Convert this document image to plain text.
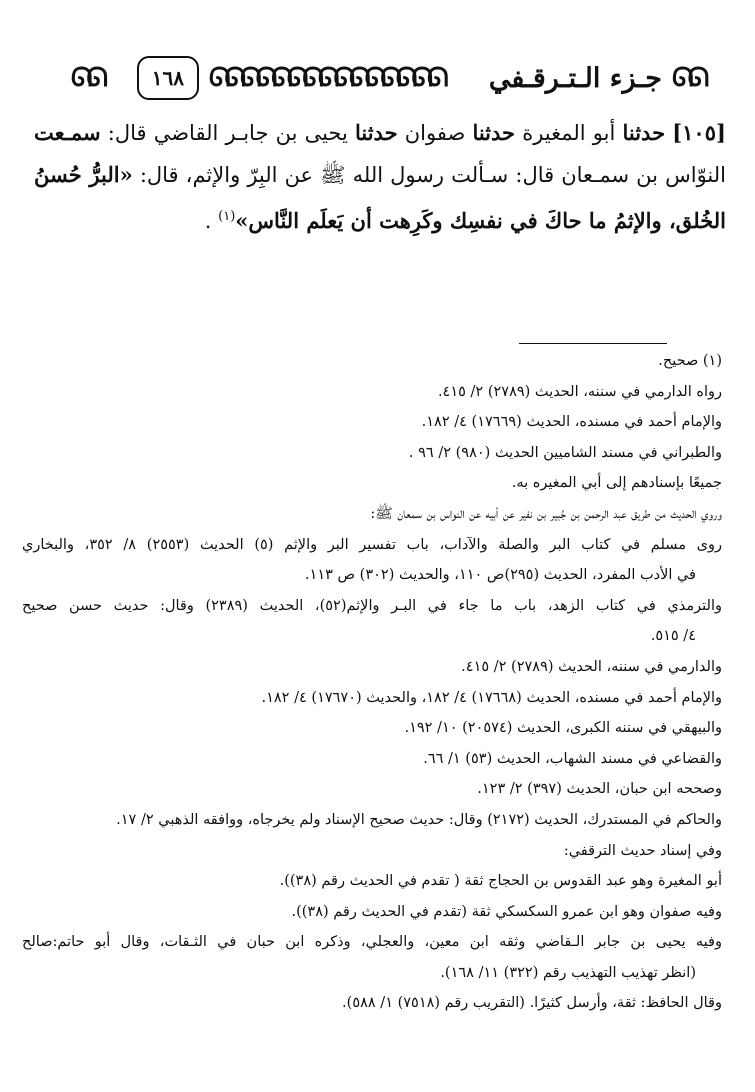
ᘏᘏ
جـزء الـتـرقـفي
ᘏᘏᘏᘏᘏᘏᘏᘏᘏᘏᘏᘏᘏᘏᘏ
١٦٨
ᘏᘏ
[١٠٥] حدثنا أبو المغيرة حدثنا صفوان حدثنا يحيى بن جابـر القاضي قال: سمـعت النوّاس بن سمـعان قال: سـألت رسول الله ﷺ عن البِرّ والإثم، قال: «البرُّ حُسنُ الخُلق، والإثمُ ما حاكَ في نفسِك وكَرِهت أن يَعلَم النَّاس»$^{(١)}$ .
(١) صحيح.
رواه الدارمي في سننه، الحديث (٢٧٨٩) ٢/ ٤١٥.
والإمام أحمد في مسنده، الحديث (١٧٦٦٩) ٤/ ١٨٢.
والطبراني في مسند الشاميين الحديث (٩٨٠) ٢/ ٩٦ .
جميعًا بإسنادهم إلى أبي المغيره به.
وروي الحديث من طريق عبد الرحمن بن جُبير بن نفير عن أبيه عن النواس بن سمعان ﷺ:
روى مسلم في كتاب البر والصلة والآداب، باب تفسير البر والإثم (٥) الحديث (٢٥٥٣) ٨/ ٣٥٢، والبخاري
في الأدب المفرد، الحديث (٢٩٥)ص ١١٠، والحديث (٣٠٢) ص ١١٣.
والترمذي في كتاب الزهد، باب ما جاء في البـر والإثم(٥٢)، الحديث (٢٣٨٩) وقال: حديث حسن صحيح
٤/ ٥١٥.
والدارمي في سننه، الحديث (٢٧٨٩) ٢/ ٤١٥.
والإمام أحمد في مسنده، الحديث (١٧٦٦٨) ٤/ ١٨٢، والحديث (١٧٦٧٠) ٤/ ١٨٢.
والبيهقي في سننه الكبرى، الحديث (٢٠٥٧٤) ١٠/ ١٩٢.
والقضاعي في مسند الشهاب، الحديث (٥٣) ١/ ٦٦.
وصححه ابن حبان، الحديث (٣٩٧) ٢/ ١٢٣.
والحاكم في المستدرك، الحديث (٢١٧٢) وقال: حديث صحيح الإسناد ولم يخرجاه، ووافقه الذهبي ٢/ ١٧.
وفي إسناد حديث الترقفي:
أبو المغيرة وهو عبد القدوس بن الحجاج ثقة ( تقدم في الحديث رقم (٣٨)).
وفيه صفوان وهو ابن عمرو السكسكي ثقة (تقدم في الحديث رقم (٣٨)).
وفيه يحيى بن جابر الـقاضي وثقه ابن معين، والعجلي، وذكره ابن حبان في الثـقات، وقال أبو حاتم:صالح
(انظر تهذيب التهذيب رقم (٣٢٢) ١١/ ١٦٨).
وقال الحافظ: ثقة، وأرسل كثيرًا. (التقريب رقم (٧٥١٨) ١/ ٥٨٨).
